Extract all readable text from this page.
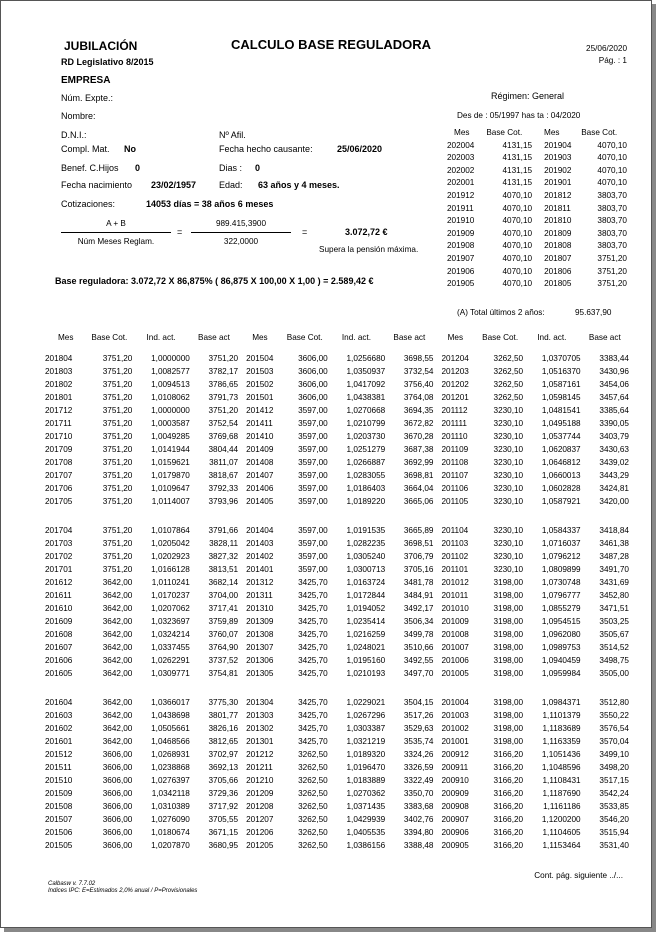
JUBILACIÓN
RD Legislativo 8/2015
CALCULO BASE REGULADORA	25/06/2020
Pág. : 1
EMPRESA
Núm. Expte.:
Nombre:
Régimen: General
Des de : 05/1997 has ta : 04/2020
D.N.I.:	Nº Afil.
Compl. Mat. No	Fecha hecho causante:	25/06/2020
Benef. C.Hijos 0	Dias : 0
Fecha nacimiento 23/02/1957	Edad: 63 años y 4 meses.
Cotizaciones:	14053 días = 38 años 6 meses
A + B
Núm Meses Reglam.
=
989.415,3900
322,0000
=	3.072,72 €
Supera la pensión máxima.
Base reguladora: 3.072,72 X 86,875% ( 86,875 X 100,00 X 1,00 ) = 2.589,42 €
Mes	Base Cot.	Mes	Base Cot.
202004	4131,15	201904	4070,10
202003	4131,15	201903	4070,10
202002	4131,15	201902	4070,10
202001	4131,15	201901	4070,10
201912	4070,10	201812	3803,70
201911	4070,10	201811	3803,70
201910	4070,10	201810	3803,70
201909	4070,10	201809	3803,70
201908	4070,10	201808	3803,70
201907	4070,10	201807	3751,20
201906	4070,10	201806	3751,20
201905	4070,10	201805	3751,20
(A) Total últimos 2 años:	95.637,90
Mes	Base Cot.	Ind. act.	Base act	Mes	Base Cot.	Ind. act.	Base act	Mes	Base Cot.	Ind. act.	Base act

201804	3751,20	1,0000000	3751,20	201504	3606,00	1,0256680	3698,55	201204	3262,50	1,0370705	3383,44
201803	3751,20	1,0082577	3782,17	201503	3606,00	1,0350937	3732,54	201203	3262,50	1,0516370	3430,96
201802	3751,20	1,0094513	3786,65	201502	3606,00	1,0417092	3756,40	201202	3262,50	1,0587161	3454,06
201801	3751,20	1,0108062	3791,73	201501	3606,00	1,0438381	3764,08	201201	3262,50	1,0598145	3457,64
201712	3751,20	1,0000000	3751,20	201412	3597,00	1,0270668	3694,35	201112	3230,10	1,0481541	3385,64
201711	3751,20	1,0003587	3752,54	201411	3597,00	1,0210799	3672,82	201111	3230,10	1,0495188	3390,05
201710	3751,20	1,0049285	3769,68	201410	3597,00	1,0203730	3670,28	201110	3230,10	1,0537744	3403,79
201709	3751,20	1,0141944	3804,44	201409	3597,00	1,0251279	3687,38	201109	3230,10	1,0620837	3430,63
201708	3751,20	1,0159621	3811,07	201408	3597,00	1,0266887	3692,99	201108	3230,10	1,0646812	3439,02
201707	3751,20	1,0179870	3818,67	201407	3597,00	1,0283055	3698,81	201107	3230,10	1,0660013	3443,29
201706	3751,20	1,0109647	3792,33	201406	3597,00	1,0186403	3664,04	201106	3230,10	1,0602828	3424,81
201705	3751,20	1,0114007	3793,96	201405	3597,00	1,0189220	3665,06	201105	3230,10	1,0587921	3420,00

201704	3751,20	1,0107864	3791,66	201404	3597,00	1,0191535	3665,89	201104	3230,10	1,0584337	3418,84
201703	3751,20	1,0205042	3828,11	201403	3597,00	1,0282235	3698,51	201103	3230,10	1,0716037	3461,38
201702	3751,20	1,0202923	3827,32	201402	3597,00	1,0305240	3706,79	201102	3230,10	1,0796212	3487,28
201701	3751,20	1,0166128	3813,51	201401	3597,00	1,0300713	3705,16	201101	3230,10	1,0809899	3491,70
201612	3642,00	1,0110241	3682,14	201312	3425,70	1,0163724	3481,78	201012	3198,00	1,0730748	3431,69
201611	3642,00	1,0170237	3704,00	201311	3425,70	1,0172844	3484,91	201011	3198,00	1,0796777	3452,80
201610	3642,00	1,0207062	3717,41	201310	3425,70	1,0194052	3492,17	201010	3198,00	1,0855279	3471,51
201609	3642,00	1,0323697	3759,89	201309	3425,70	1,0235414	3506,34	201009	3198,00	1,0954515	3503,25
201608	3642,00	1,0324214	3760,07	201308	3425,70	1,0216259	3499,78	201008	3198,00	1,0962080	3505,67
201607	3642,00	1,0337455	3764,90	201307	3425,70	1,0248021	3510,66	201007	3198,00	1,0989753	3514,52
201606	3642,00	1,0262291	3737,52	201306	3425,70	1,0195160	3492,55	201006	3198,00	1,0940459	3498,75
201605	3642,00	1,0309771	3754,81	201305	3425,70	1,0210193	3497,70	201005	3198,00	1,0959984	3505,00

201604	3642,00	1,0366017	3775,30	201304	3425,70	1,0229021	3504,15	201004	3198,00	1,0984371	3512,80
201603	3642,00	1,0438698	3801,77	201303	3425,70	1,0267296	3517,26	201003	3198,00	1,1101379	3550,22
201602	3642,00	1,0505661	3826,16	201302	3425,70	1,0303387	3529,63	201002	3198,00	1,1183689	3576,54
201601	3642,00	1,0468566	3812,65	201301	3425,70	1,0321219	3535,74	201001	3198,00	1,1163359	3570,04
201512	3606,00	1,0268931	3702,97	201212	3262,50	1,0189320	3324,26	200912	3166,20	1,1051436	3499,10
201511	3606,00	1,0238868	3692,13	201211	3262,50	1,0196470	3326,59	200911	3166,20	1,1048596	3498,20
201510	3606,00	1,0276397	3705,66	201210	3262,50	1,0183889	3322,49	200910	3166,20	1,1108431	3517,15
201509	3606,00	1,0342118	3729,36	201209	3262,50	1,0270362	3350,70	200909	3166,20	1,1187690	3542,24
201508	3606,00	1,0310389	3717,92	201208	3262,50	1,0371435	3383,68	200908	3166,20	1,1161186	3533,85
201507	3606,00	1,0276090	3705,55	201207	3262,50	1,0429939	3402,76	200907	3166,20	1,1200200	3546,20
201506	3606,00	1,0180674	3671,15	201206	3262,50	1,0405535	3394,80	200906	3166,20	1,1104605	3515,94
201505	3606,00	1,0207870	3680,95	201205	3262,50	1,0386156	3388,48	200905	3166,20	1,1153464	3531,40
Cont. pág. siguiente ../...
Calbasw v. 7.7.02
Indices IPC: E=Estimados 2,0% anual / P=Provisionales
